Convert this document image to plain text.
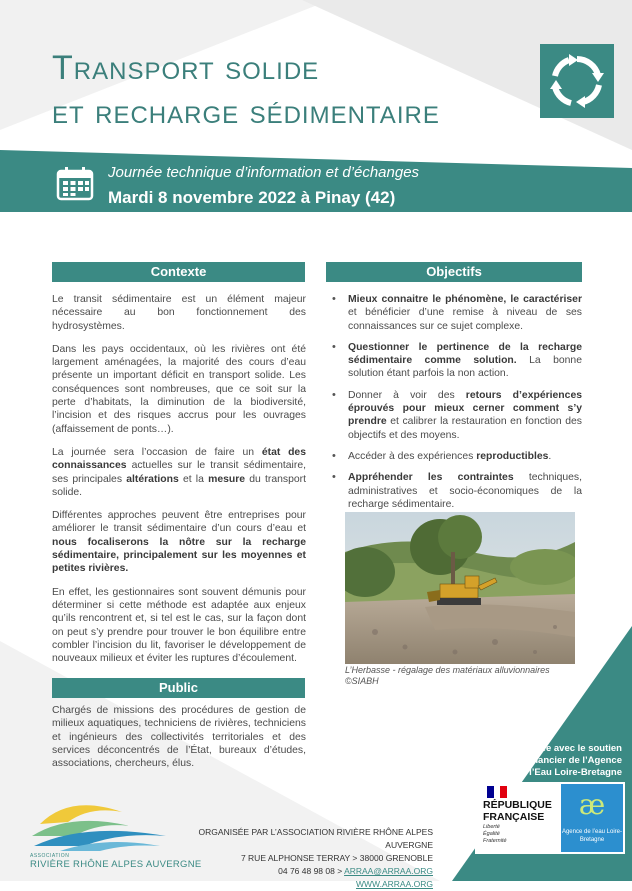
Transport solide
et recharge sédimentaire
Journée technique d’information et d’échanges
Mardi 8 novembre 2022 à Pinay (42)
Contexte

Le transit sédimentaire est un élément majeur nécessaire au bon fonctionnement des hydrosystèmes.

Dans les pays occidentaux, où les rivières ont été largement aménagées, la majorité des cours d’eau présente un important déficit en transport solide. Les conséquences sont nombreuses, que ce soit sur la perte d’habitats, la diminution de la biodiversité, l’incision et des risques accrus pour les ouvrages (affaissement de ponts…).

La journée sera l’occasion de faire un état des connaissances actuelles sur le transit sédimentaire, ses principales altérations et la mesure du transport solide.

Différentes approches peuvent être entreprises pour améliorer le transit sédimentaire d’un cours d’eau et nous focaliserons la nôtre sur la recharge sédimentaire, principalement sur les moyennes et petites rivières.

En effet, les gestionnaires sont souvent démunis pour déterminer si cette méthode est adaptée aux enjeux qu’ils rencontrent et, si tel est le cas, sur la façon dont on peut s’y prendre pour trouver le bon équilibre entre combler l’incision du lit, favoriser le développement de nouveaux milieux et éviter les ruptures d’écoulement.

Objectifs
• Mieux connaitre le phénomène, le caractériser et bénéficier d’une remise à niveau de ses connaissances sur ce sujet complexe.
• Questionner le pertinence de la recharge sédimentaire comme solution. La bonne solution étant parfois la non action.
• Donner à voir des retours d’expériences éprouvés pour mieux cerner comment s’y prendre et calibrer la restauration en fonction des objectifs et des moyens.
• Accéder à des expériences reproductibles.
• Appréhender les contraintes techniques, administratives et socio-économiques de la recharge sédimentaire.
L’Herbasse - régalage des matériaux alluvionnaires ©SIABH
Public

Chargés de missions des procédures de gestion de milieux aquatiques, techniciens de rivières, techniciens et ingénieurs des collectivités territoriales et des services déconcentrés de l’État, bureaux d’études, associations, chercheurs, élus.

Organisée avec le soutien technique et financier de l’Agence de l’Eau Loire-Bretagne
RÉPUBLIQUE
FRANÇAISE
Liberté
Égalité
Fraternité
æ
Agence de l’eau Loire-Bretagne
ASSOCIATION
RIVIÈRE RHÔNE ALPES AUVERGNE
ORGANISÉE PAR L’ASSOCIATION RIVIÈRE RHÔNE ALPES AUVERGNE
7 RUE ALPHONSE TERRAY > 38000 GRENOBLE
04 76 48 98 08 > ARRAA@ARRAA.ORG
WWW.ARRAA.ORG
